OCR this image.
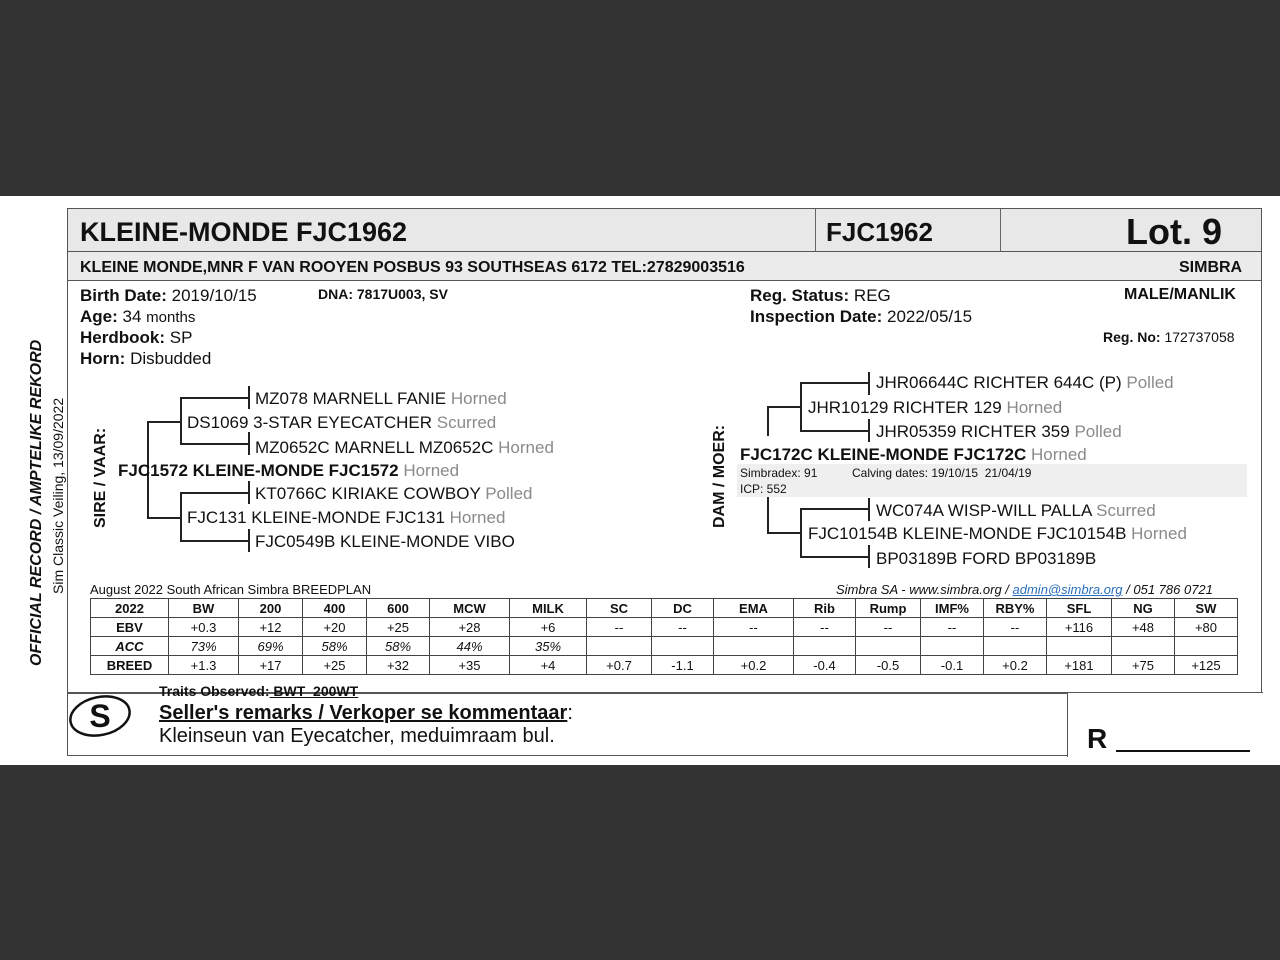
OFFICIAL RECORD / AMPTELIKE REKORD Sim Classic Veiling, 13/09/2022
KLEINE-MONDE FJC1962	FJC1962	Lot. 9
KLEINE MONDE,MNR F VAN ROOYEN POSBUS 93 SOUTHSEAS 6172 TEL:27829003516	SIMBRA
Birth Date: 2019/10/15	DNA: 7817U003, SV
Age: 34 months
Herdbook: SP
Horn: Disbudded
Reg. Status: REG
Inspection Date: 2022/05/15
MALE/MANLIK
Reg. No: 172737058
SIRE / VAAR:
MZ078 MARNELL FANIE Horned
DS1069 3-STAR EYECATCHER Scurred
MZ0652C MARNELL MZ0652C Horned
FJC1572 KLEINE-MONDE FJC1572 Horned
KT0766C KIRIAKE COWBOY Polled
FJC131 KLEINE-MONDE FJC131 Horned
FJC0549B KLEINE-MONDE VIBO
DAM / MOER:
JHR06644C RICHTER 644C (P) Polled
JHR10129 RICHTER 129 Horned
JHR05359 RICHTER 359 Polled
FJC172C KLEINE-MONDE FJC172C Horned
Simbradex: 91	Calving dates: 19/10/15  21/04/19
ICP: 552
WC074A WISP-WILL PALLA Scurred
FJC10154B KLEINE-MONDE FJC10154B Horned
BP03189B FORD BP03189B
August 2022 South African Simbra BREEDPLAN	Simbra SA - www.simbra.org / admin@simbra.org / 051 786 0721
2022	BW	200	400	600	MCW	MILK	SC	DC	EMA	Rib	Rump	IMF%	RBY%	SFL	NG	SW
EBV	+0.3	+12	+20	+25	+28	+6	--	--	--	--	--	--	--	+116	+48	+80
ACC	73%	69%	58%	58%	44%	35%										
BREED	+1.3	+17	+25	+32	+35	+4	+0.7	-1.1	+0.2	-0.4	-0.5	-0.1	+0.2	+181	+75	+125
S
Traits Observed: BWT  200WT
Seller's remarks / Verkoper se kommentaar:
Kleinseun van Eyecatcher, meduimraam bul.	R
